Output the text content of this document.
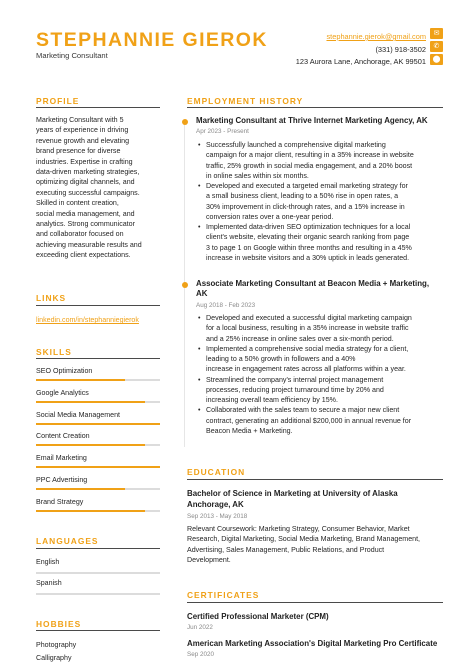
STEPHANNIE GIEROK
Marketing Consultant
stephannie.gierok@gmail.com
(331) 918-3502
123 Aurora Lane, Anchorage, AK 99501
✉
✆
⬤
PROFILE
Marketing Consultant with 5
years of experience in driving
revenue growth and elevating
brand presence for diverse
industries. Expertise in crafting
data-driven marketing strategies,
optimizing digital channels, and
executing successful campaigns.
Skilled in content creation,
social media management, and
analytics. Strong communicator
and collaborator focused on
achieving measurable results and
exceeding client expectations.
LINKS
linkedin.com/in/stephanniegierok
SKILLS
SEO Optimization
Google Analytics
Social Media Management
Content Creation
Email Marketing
PPC Advertising
Brand Strategy
LANGUAGES
English
Spanish
HOBBIES
Photography
Calligraphy
EMPLOYMENT HISTORY
Marketing Consultant at Thrive Internet Marketing Agency, AK
Apr 2023 - Present
• Successfully launched a comprehensive digital marketing
campaign for a major client, resulting in a 35% increase in website
traffic, 25% growth in social media engagement, and a 20% boost
in online sales within six months.
• Developed and executed a targeted email marketing strategy for
a small business client, leading to a 50% rise in open rates, a
30% improvement in click-through rates, and a 15% increase in
conversion rates over a one-year period.
• Implemented data-driven SEO optimization techniques for a local
client's website, elevating their organic search ranking from page
3 to page 1 on Google within three months and resulting in a 45%
increase in website visitors and a 30% uptick in leads generated.
Associate Marketing Consultant at Beacon Media + Marketing,
AK
Aug 2018 - Feb 2023
• Developed and executed a successful digital marketing campaign
for a local business, resulting in a 35% increase in website traffic
and a 25% increase in online sales over a six-month period.
• Implemented a comprehensive social media strategy for a client,
leading to a 50% growth in followers and a 40%
increase in engagement rates across all platforms within a year.
• Streamlined the company's internal project management
processes, reducing project turnaround time by 20% and
increasing overall team efficiency by 15%.
• Collaborated with the sales team to secure a major new client
contract, generating an additional $200,000 in annual revenue for
Beacon Media + Marketing.
EDUCATION
Bachelor of Science in Marketing at University of Alaska
Anchorage, AK
Sep 2013 - May 2018
Relevant Coursework: Marketing Strategy, Consumer Behavior, Market
Research, Digital Marketing, Social Media Marketing, Brand Management,
Advertising, Sales Management, Public Relations, and Product
Development.
CERTIFICATES
Certified Professional Marketer (CPM)
Jun 2022
American Marketing Association's Digital Marketing Pro Certificate
Sep 2020
